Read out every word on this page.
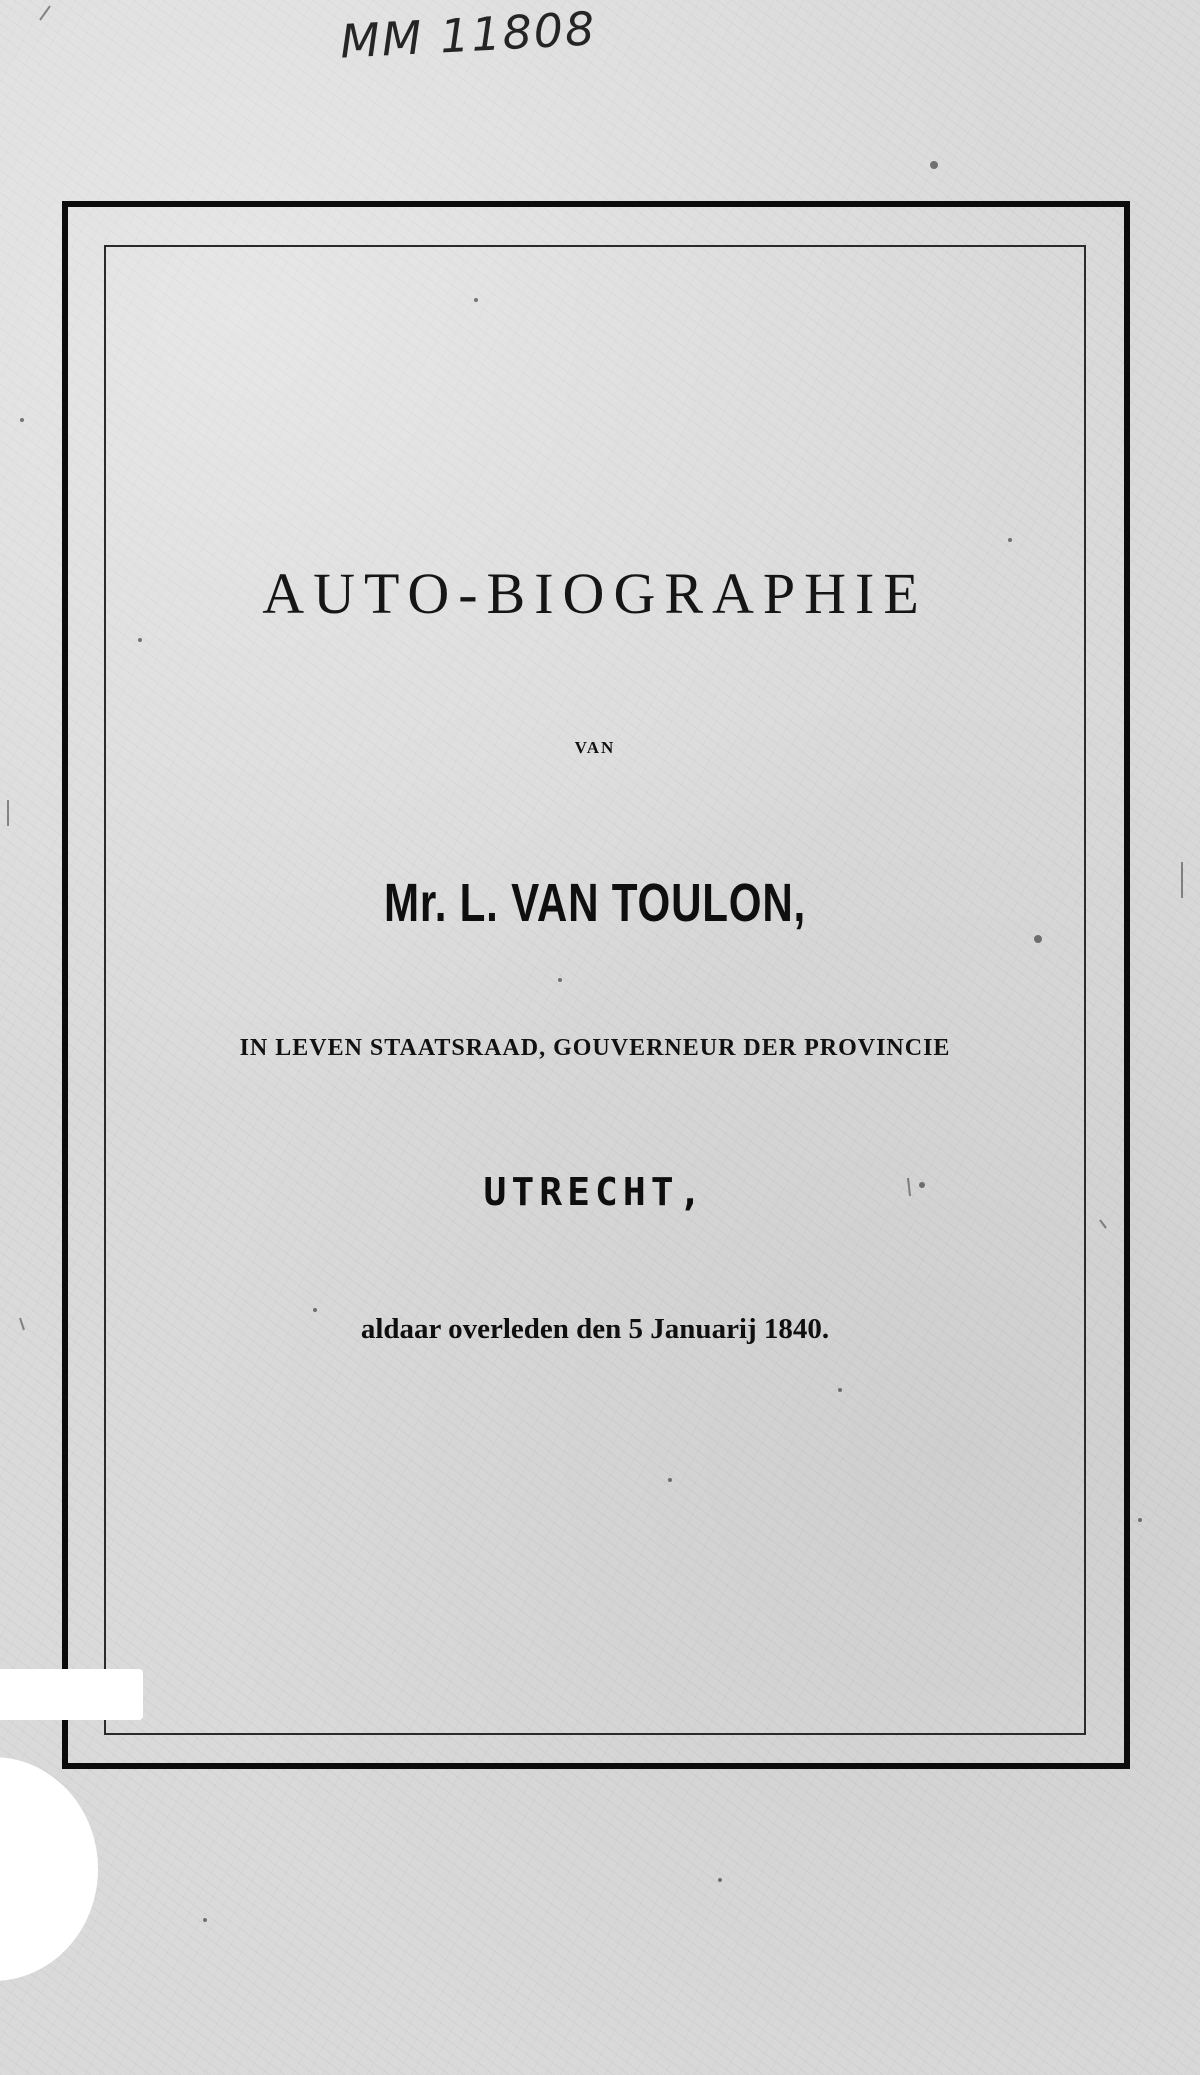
MM 11808
AUTO-BIOGRAPHIE
VAN
Mr. L. VAN TOULON,
IN LEVEN STAATSRAAD, GOUVERNEUR DER PROVINCIE
UTRECHT,
aldaar overleden den 5 Januarij 1840.
